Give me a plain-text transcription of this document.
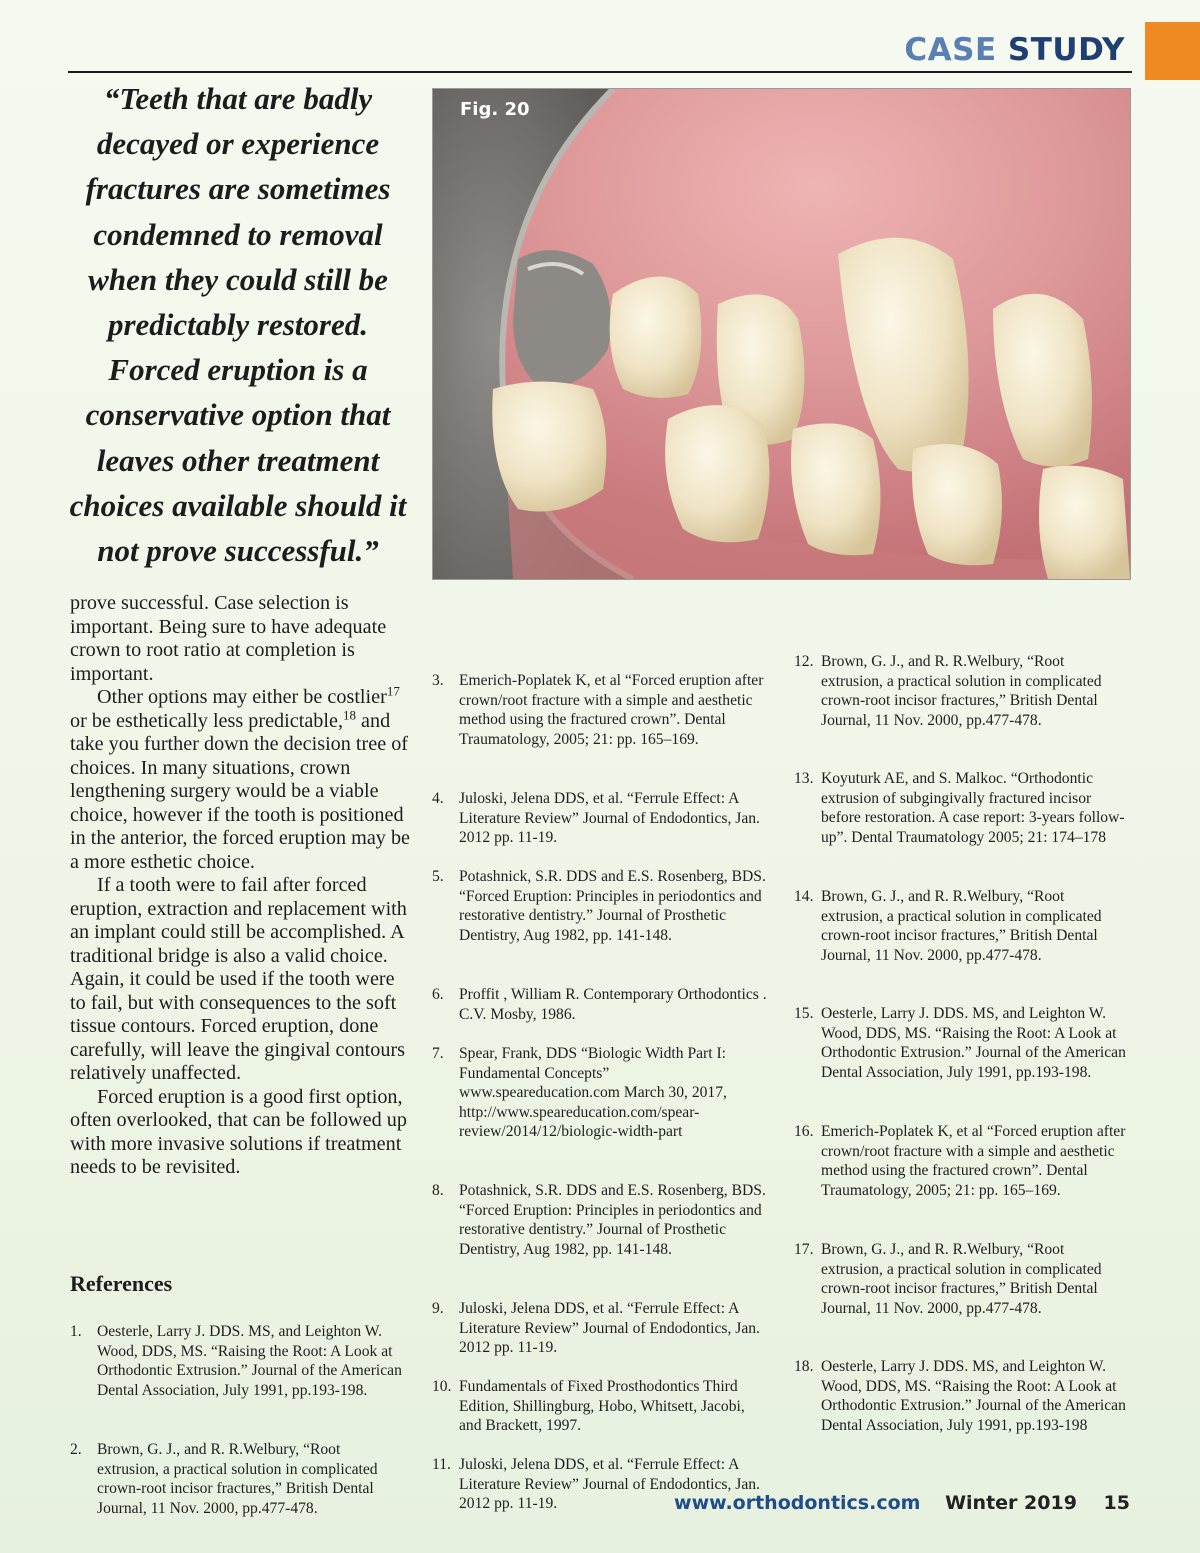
CASE STUDY
“Teeth that are badly decayed or experience fractures are sometimes condemned to removal when they could still be predictably restored. Forced eruption is a conservative option that leaves other treatment choices available should it not prove successful.”
Fig. 20

prove successful. Case selection is important. Being sure to have adequate crown to root ratio at completion is important.

Other options may either be costlier$^{17}$ or be esthetically less predictable,$^{18}$ and take you further down the decision tree of choices. In many situations, crown lengthening surgery would be a viable choice, however if the tooth is positioned in the anterior, the forced eruption may be a more esthetic choice.

If a tooth were to fail after forced eruption, extraction and replacement with an implant could still be accomplished. A traditional bridge is also a valid choice. Again, it could be used if the tooth were to fail, but with consequences to the soft tissue contours. Forced eruption, done carefully, will leave the gingival contours relatively unaffected.

Forced eruption is a good first option, often overlooked, that can be followed up with more invasive solutions if treatment needs to be revisited.

References
1. Oesterle, Larry J. DDS. MS, and Leighton W. Wood, DDS, MS. “Raising the Root: A Look at Orthodontic Extrusion.” Journal of the American Dental Association, July 1991, pp.193-198.
2. Brown, G. J., and R. R.Welbury, “Root extrusion, a practical solution in complicated crown-root incisor fractures,” British Dental Journal, 11 Nov. 2000, pp.477-478.
3. Emerich-Poplatek K, et al “Forced eruption after crown/root fracture with a simple and aesthetic method using the fractured crown”. Dental Traumatology, 2005; 21: pp. 165–169.
4. Juloski, Jelena DDS, et al. “Ferrule Effect: A Literature Review” Journal of Endodontics, Jan. 2012 pp. 11-19.
5. Potashnick, S.R. DDS and E.S. Rosenberg, BDS. “Forced Eruption: Principles in periodontics and restorative dentistry.” Journal of Prosthetic Dentistry, Aug 1982, pp. 141-148.
6. Proffit , William R. Contemporary Orthodontics . C.V. Mosby, 1986.
7. Spear, Frank, DDS “Biologic Width Part I: Fundamental Concepts” www.speareducation.com March 30, 2017, http://www.speareducation.com/spear-review/2014/12/biologic-width-part
8. Potashnick, S.R. DDS and E.S. Rosenberg, BDS. “Forced Eruption: Principles in periodontics and restorative dentistry.” Journal of Prosthetic Dentistry, Aug 1982, pp. 141-148.
9. Juloski, Jelena DDS, et al. “Ferrule Effect: A Literature Review” Journal of Endodontics, Jan. 2012 pp. 11-19.
10. Fundamentals of Fixed Prosthodontics Third Edition, Shillingburg, Hobo, Whitsett, Jacobi, and Brackett, 1997.
11. Juloski, Jelena DDS, et al. “Ferrule Effect: A Literature Review” Journal of Endodontics, Jan. 2012 pp. 11-19.
12. Brown, G. J., and R. R.Welbury, “Root extrusion, a practical solution in complicated crown-root incisor fractures,” British Dental Journal, 11 Nov. 2000, pp.477-478.
13. Koyuturk AE, and S. Malkoc. “Orthodontic extrusion of subgingivally fractured incisor before restoration. A case report: 3-years follow-up”. Dental Traumatology 2005; 21: 174–178
14. Brown, G. J., and R. R.Welbury, “Root extrusion, a practical solution in complicated crown-root incisor fractures,” British Dental Journal, 11 Nov. 2000, pp.477-478.
15. Oesterle, Larry J. DDS. MS, and Leighton W. Wood, DDS, MS. “Raising the Root: A Look at Orthodontic Extrusion.” Journal of the American Dental Association, July 1991, pp.193-198.
16. Emerich-Poplatek K, et al “Forced eruption after crown/root fracture with a simple and aesthetic method using the fractured crown”. Dental Traumatology, 2005; 21: pp. 165–169.
17. Brown, G. J., and R. R.Welbury, “Root extrusion, a practical solution in complicated crown-root incisor fractures,” British Dental Journal, 11 Nov. 2000, pp.477-478.
18. Oesterle, Larry J. DDS. MS, and Leighton W. Wood, DDS, MS. “Raising the Root: A Look at Orthodontic Extrusion.” Journal of the American Dental Association, July 1991, pp.193-198
www.orthodontics.com Winter 2019 15
